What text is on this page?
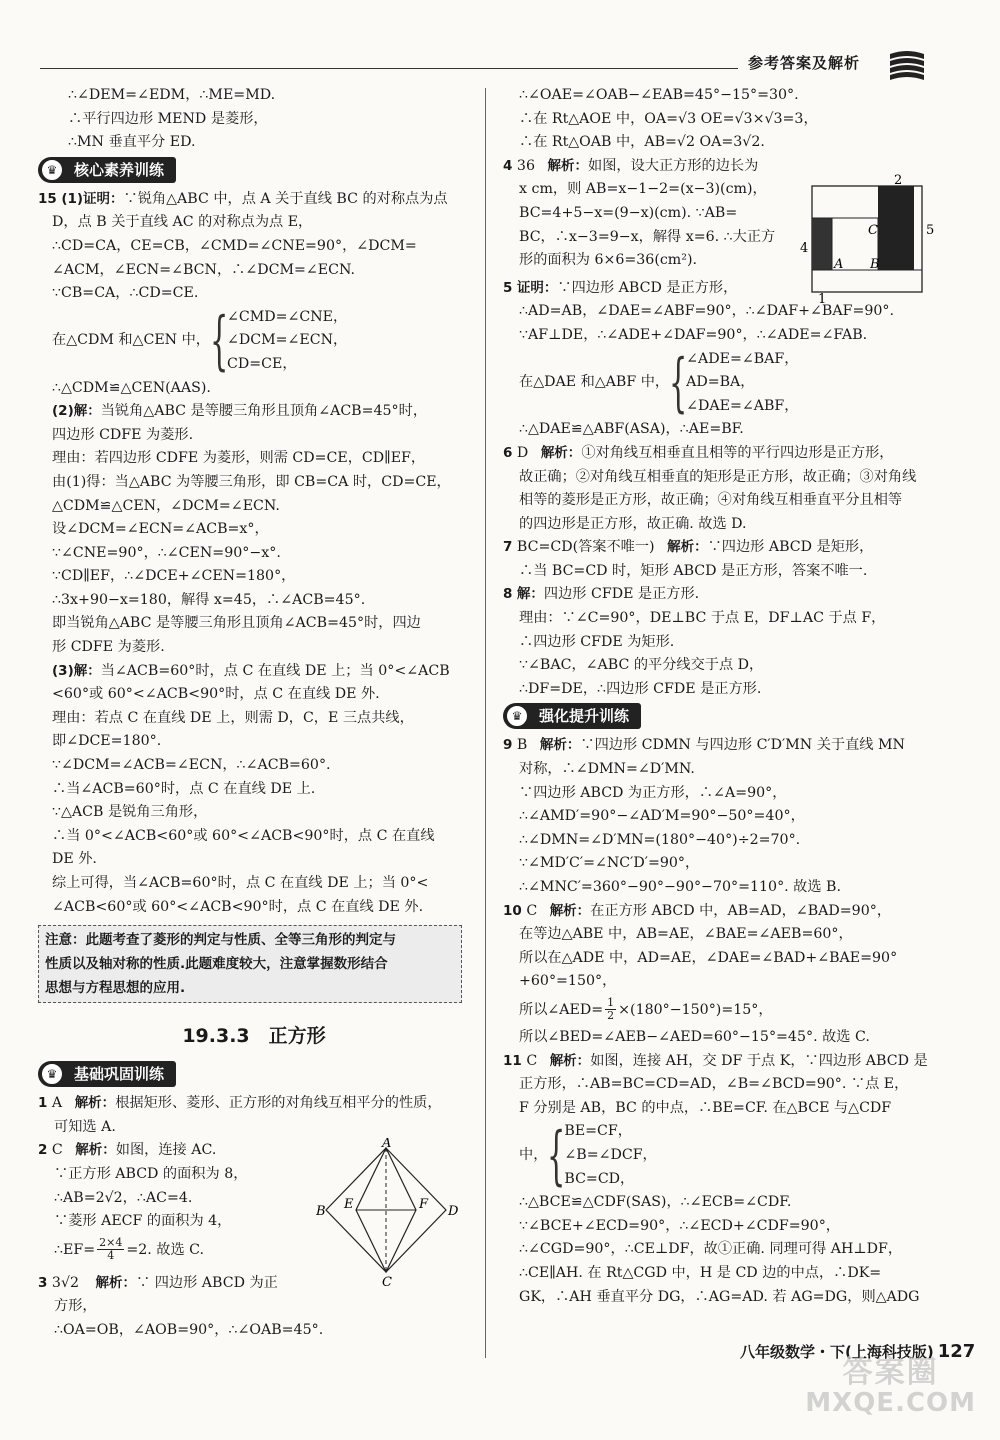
参考答案及解析
∴∠DEM=∠EDM，∴ME=MD.
∴平行四边形 MEND 是菱形，
∴MN 垂直平分 ED.
♛	核心素养训练
15 (1)证明：∵锐角△ABC 中，点 A 关于直线 BC 的对称点为点
D，点 B 关于直线 AC 的对称点为点 E，
∴CD=CA，CE=CB，∠CMD=∠CNE=90°，∠DCM=
∠ACM，∠ECN=∠BCN，∴∠DCM=∠ECN.
∵CB=CA，∴CD=CE.
在△CDM 和△CEN 中， {
∠CMD=∠CNE，
∠DCM=∠ECN，
CD=CE，
∴△CDM≌△CEN(AAS).
(2)解：当锐角△ABC 是等腰三角形且顶角∠ACB=45°时，
四边形 CDFE 为菱形.
理由：若四边形 CDFE 为菱形，则需 CD=CE，CD∥EF，
由(1)得：当△ABC 为等腰三角形，即 CB=CA 时，CD=CE，
△CDM≌△CEN，∠DCM=∠ECN.
设∠DCM=∠ECN=∠ACB=x°，
∵∠CNE=90°，∴∠CEN=90°−x°.
∵CD∥EF，∴∠DCE+∠CEN=180°，
∴3x+90−x=180，解得 x=45，∴∠ACB=45°.
即当锐角△ABC 是等腰三角形且顶角∠ACB=45°时，四边
形 CDFE 为菱形.
(3)解：当∠ACB=60°时，点 C 在直线 DE 上；当 0°<∠ACB
<60°或 60°<∠ACB<90°时，点 C 在直线 DE 外.
理由：若点 C 在直线 DE 上，则需 D，C，E 三点共线，
即∠DCE=180°.
∵∠DCM=∠ACB=∠ECN，∴∠ACB=60°.
∴当∠ACB=60°时，点 C 在直线 DE 上.
∵△ACB 是锐角三角形，
∴当 0°<∠ACB<60°或 60°<∠ACB<90°时，点 C 在直线
DE 外.
综上可得，当∠ACB=60°时，点 C 在直线 DE 上；当 0°<
∠ACB<60°或 60°<∠ACB<90°时，点 C 在直线 DE 外.
注意：此题考查了菱形的判定与性质、全等三角形的判定与
性质以及轴对称的性质.此题难度较大，注意掌握数形结合
思想与方程思想的应用.
19.3.3　正方形
♛	基础巩固训练
1 A 解析：根据矩形、菱形、正方形的对角线互相平分的性质，
可知选 A.
2 C 解析：如图，连接 AC.
∵正方形 ABCD 的面积为 8，
∴AB=2√2，∴AC=4.
∵菱形 AECF 的面积为 4，
∴EF= $\frac{2\times 4}{4} =2$. 故选 C.
3 3√2 解析：∵ 四边形 ABCD 为正
方形，
∴OA=OB，∠AOB=90°，∴∠OAB=45°.
A
B	D
C
E	F
∴∠OAE=∠OAB−∠EAB=45°−15°=30°.
∴在 Rt△AOE 中，OA=√3 OE=√3×√3=3，
∴在 Rt△OAB 中，AB=√2 OA=3√2.
4 36 解析：如图，设大正方形的边长为
x cm，则 AB=x−1−2=(x−3)(cm)，
BC=4+5−x=(9−x)(cm). ∵AB=
BC，∴x−3=9−x，解得 x=6. ∴大正方
形的面积为 6×6=36(cm²).
5 证明：∵四边形 ABCD 是正方形，
∴AD=AB，∠DAE=∠ABF=90°，∴∠DAF+∠BAF=90°.
∵AF⊥DE，∴∠ADE+∠DAF=90°，∴∠ADE=∠FAB.
在△DAE 和△ABF 中， {
∠ADE=∠BAF，
AD=BA，
∠DAE=∠ABF，
∴△DAE≌△ABF(ASA)，∴AE=BF.
6 D 解析：①对角线互相垂直且相等的平行四边形是正方形，
故正确；②对角线互相垂直的矩形是正方形，故正确；③对角线
相等的菱形是正方形，故正确；④对角线互相垂直平分且相等
的四边形是正方形，故正确. 故选 D.
7 BC=CD(答案不唯一) 解析：∵四边形 ABCD 是矩形，
∴当 BC=CD 时，矩形 ABCD 是正方形，答案不唯一.
8 解：四边形 CFDE 是正方形.
理由：∵∠C=90°，DE⊥BC 于点 E，DF⊥AC 于点 F，
∴四边形 CFDE 为矩形.
∵∠BAC，∠ABC 的平分线交于点 D，
∴DF=DE，∴四边形 CFDE 是正方形.
♛	强化提升训练
9 B 解析：∵四边形 CDMN 与四边形 C′D′MN 关于直线 MN
对称，∴∠DMN=∠D′MN.
∵四边形 ABCD 为正方形，∴∠A=90°，
∴∠AMD′=90°−∠AD′M=90°−50°=40°，
∴∠DMN=∠D′MN=(180°−40°)÷2=70°.
∵∠MD′C′=∠NC′D′=90°，
∴∠MNC′=360°−90°−90°−70°=110°. 故选 B.
10 C 解析：在正方形 ABCD 中，AB=AD，∠BAD=90°，
在等边△ABE 中，AB=AE，∠BAE=∠AEB=60°，
所以在△ADE 中，AD=AE，∠DAE=∠BAD+∠BAE=90°
+60°=150°，
所以∠AED= $\frac{1}{2} \times(180^\circ-150^\circ)=15^\circ$，
所以∠BED=∠AEB−∠AED=60°−15°=45°. 故选 C.
11 C 解析：如图，连接 AH，交 DF 于点 K，∵四边形 ABCD 是
正方形，∴AB=BC=CD=AD，∠B=∠BCD=90°. ∵点 E，
F 分别是 AB，BC 的中点，∴BE=CF. 在△BCE 与△CDF
中， {
BE=CF，
∠B=∠DCF，
BC=CD，
∴△BCE≌△CDF(SAS)，∴∠ECB=∠CDF.
∵∠BCE+∠ECD=90°，∴∠ECD+∠CDF=90°，
∴∠CGD=90°，∴CE⊥DF，故①正确. 同理可得 AH⊥DF，
∴CE∥AH. 在 Rt△CGD 中，H 是 CD 边的中点，∴DK=
GK，∴AH 垂直平分 DG，∴AG=AD. 若 AG=DG，则△ADG
2
5
4
1
A B
C
八年级数学・下(上海科技版) 127
答案圈
MXQE.COM
